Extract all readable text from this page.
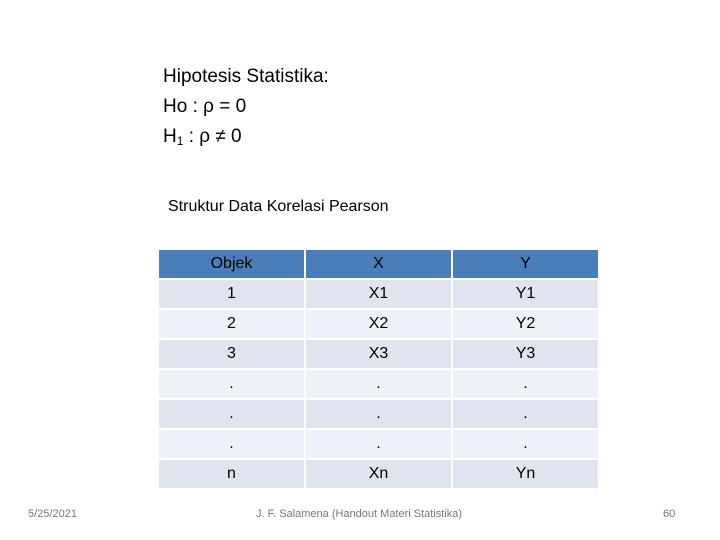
Hipotesis Statistika:
Ho : ρ = 0
$H_1$ : ρ ≠ 0
Struktur Data Korelasi Pearson
Objek	X	Y
1	X1	Y1
2	X2	Y2
3	X3	Y3
.	.	.
.	.	.
.	.	.
n	Xn	Yn
5/25/2021	J. F. Salamena (Handout Materi Statistika)	60
